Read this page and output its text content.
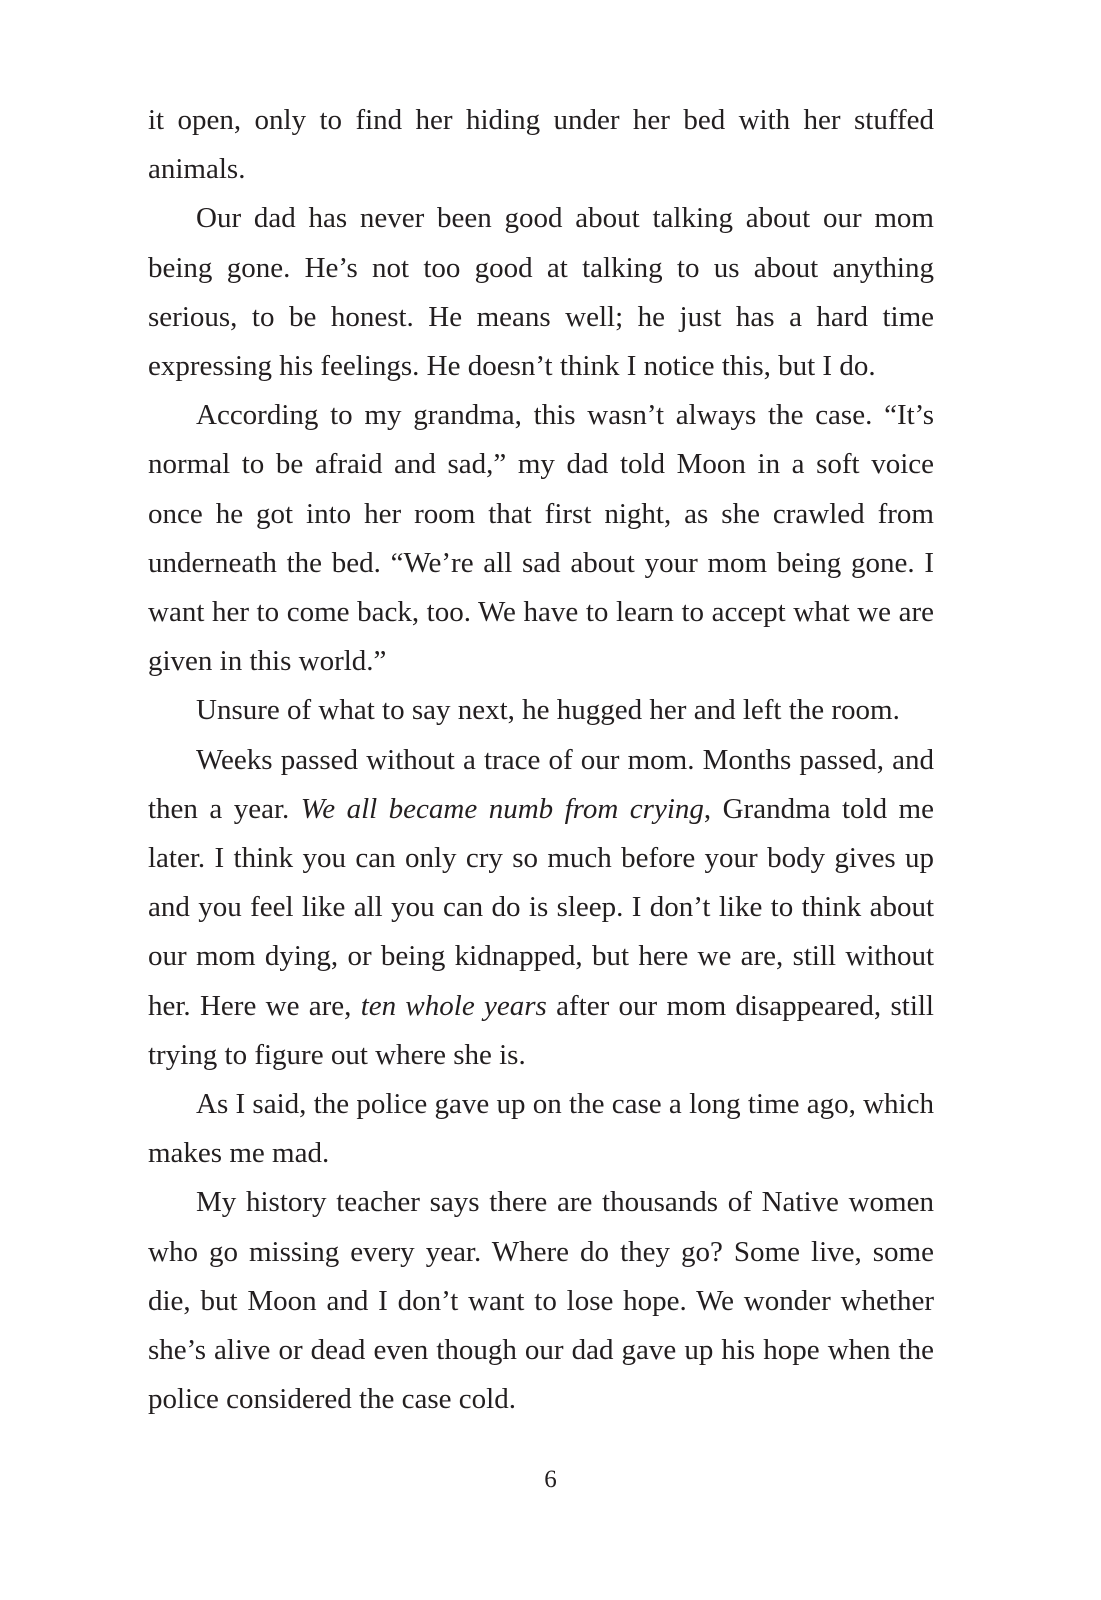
it open, only to find her hiding under her bed with her stuffed animals.

Our dad has never been good about talking about our mom being gone. He’s not too good at talking to us about anything serious, to be honest. He means well; he just has a hard time expressing his feelings. He doesn’t think I notice this, but I do.

According to my grandma, this wasn’t always the case. “It’s normal to be afraid and sad,” my dad told Moon in a soft voice once he got into her room that first night, as she crawled from underneath the bed. “We’re all sad about your mom being gone. I want her to come back, too. We have to learn to accept what we are given in this world.”

Unsure of what to say next, he hugged her and left the room.

Weeks passed without a trace of our mom. Months passed, and then a year. We all became numb from crying, Grandma told me later. I think you can only cry so much before your body gives up and you feel like all you can do is sleep. I don’t like to think about our mom dying, or being kidnapped, but here we are, still without her. Here we are, ten whole years after our mom disappeared, still trying to figure out where she is.

As I said, the police gave up on the case a long time ago, which makes me mad.

My history teacher says there are thousands of Native women who go missing every year. Where do they go? Some live, some die, but Moon and I don’t want to lose hope. We wonder whether she’s alive or dead even though our dad gave up his hope when the police considered the case cold.

6
